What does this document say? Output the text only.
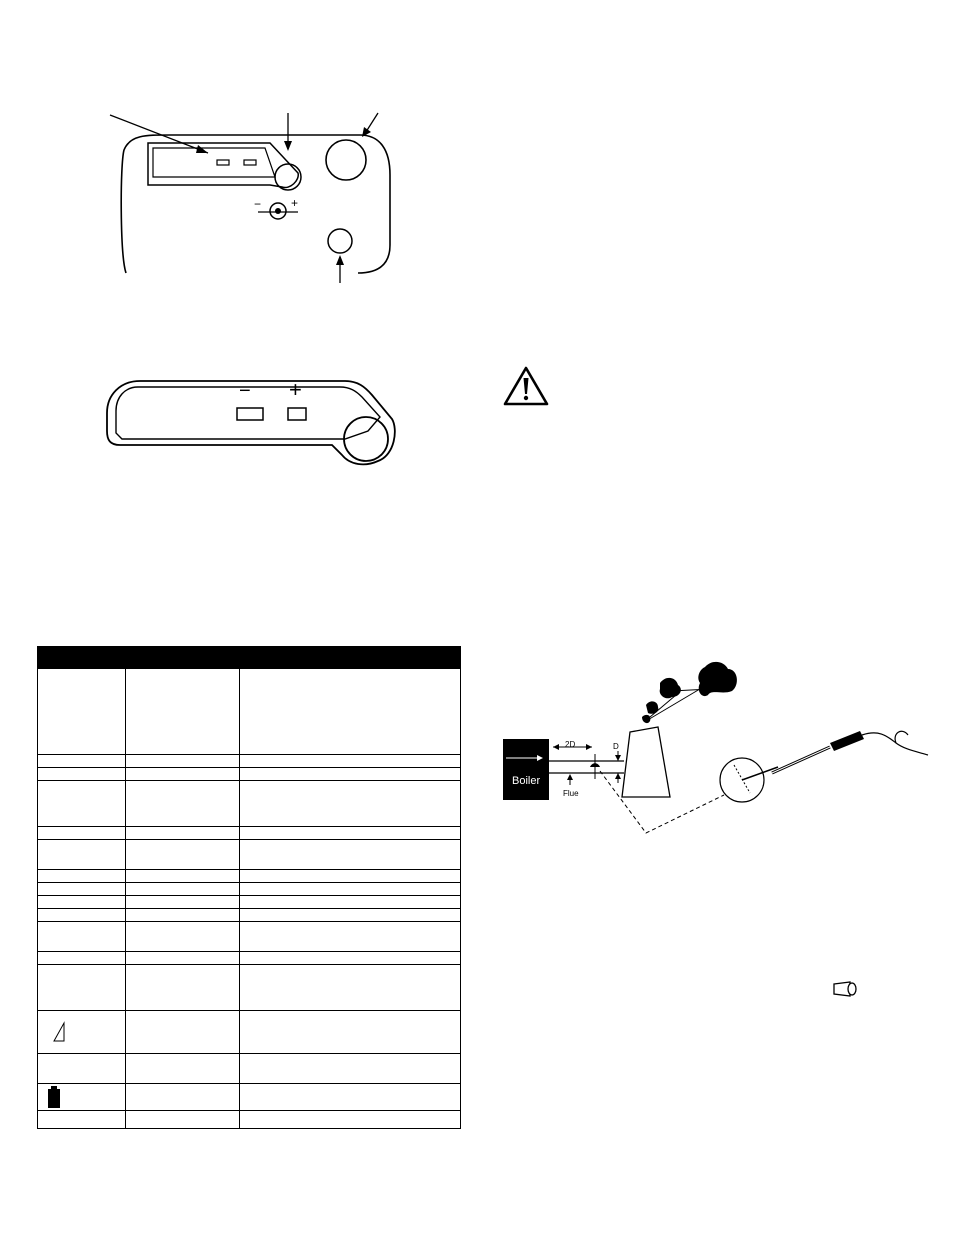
− +
− +
Boiler
2D	D
Flue
